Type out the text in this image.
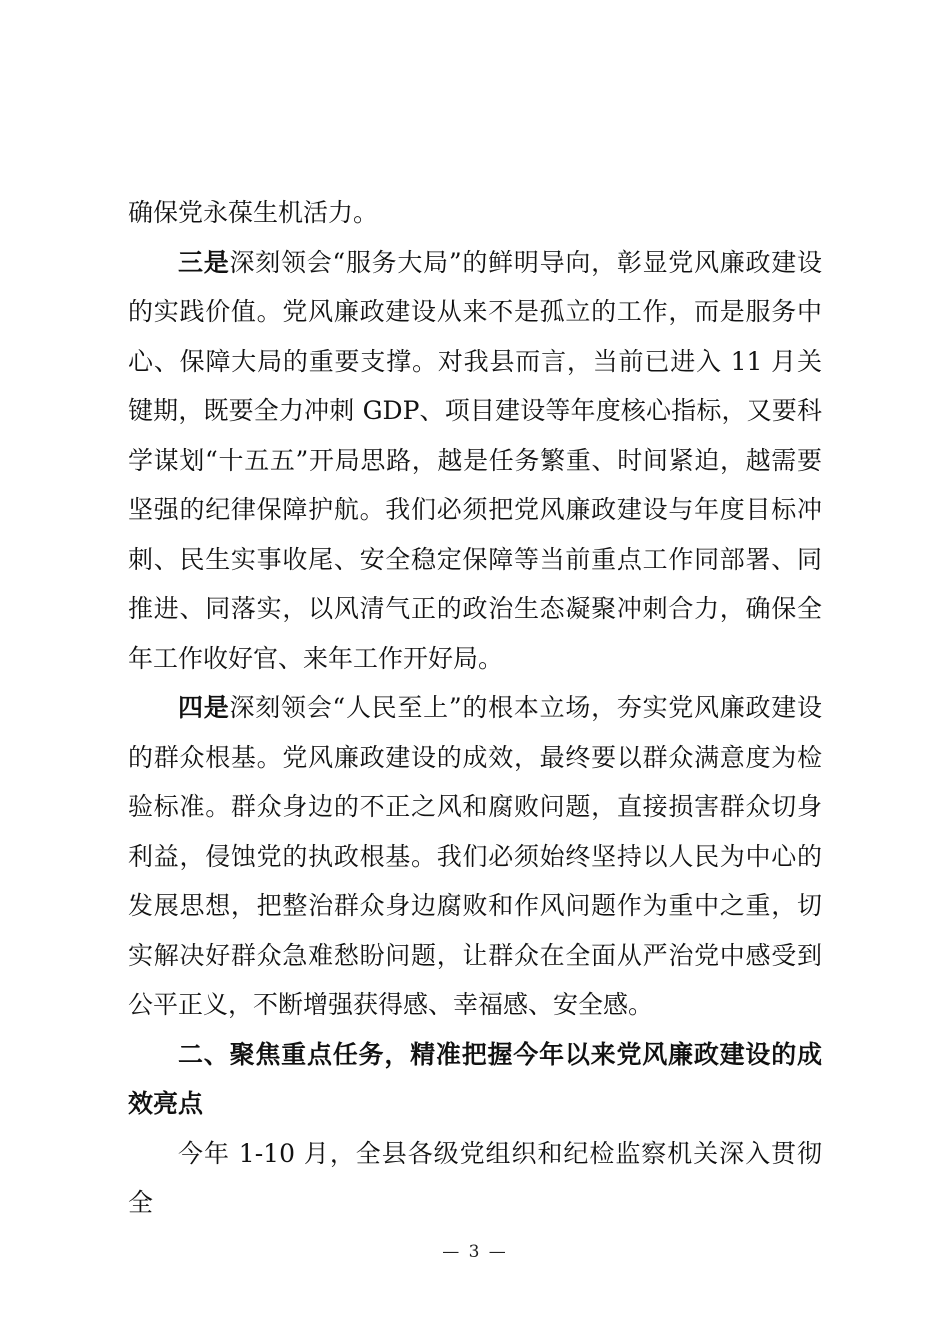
确保党永葆生机活力。

三是深刻领会“服务大局”的鲜明导向，彰显党风廉政建设的实践价值。党风廉政建设从来不是孤立的工作，而是服务中心、保障大局的重要支撑。对我县而言，当前已进入 11 月关键期，既要全力冲刺 GDP、项目建设等年度核心指标，又要科学谋划“十五五”开局思路，越是任务繁重、时间紧迫，越需要坚强的纪律保障护航。我们必须把党风廉政建设与年度目标冲刺、民生实事收尾、安全稳定保障等当前重点工作同部署、同推进、同落实，以风清气正的政治生态凝聚冲刺合力，确保全年工作收好官、来年工作开好局。

四是深刻领会“人民至上”的根本立场，夯实党风廉政建设的群众根基。党风廉政建设的成效，最终要以群众满意度为检验标准。群众身边的不正之风和腐败问题，直接损害群众切身利益，侵蚀党的执政根基。我们必须始终坚持以人民为中心的发展思想，把整治群众身边腐败和作风问题作为重中之重，切实解决好群众急难愁盼问题，让群众在全面从严治党中感受到公平正义，不断增强获得感、幸福感、安全感。

二、聚焦重点任务，精准把握今年以来党风廉政建设的成效亮点

今年 1-10 月，全县各级党组织和纪检监察机关深入贯彻全

— 3 —
